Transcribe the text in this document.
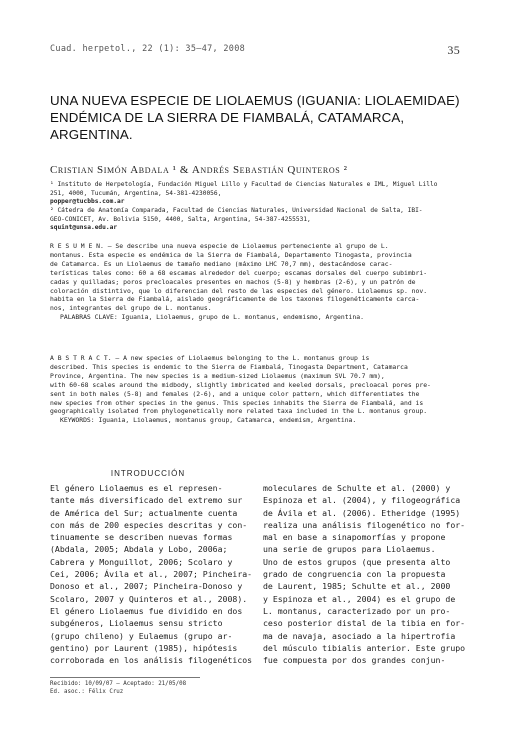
Cuad. herpetol., 22 (1): 35–47, 2008	35
UNA NUEVA ESPECIE DE LIOLAEMUS (IGUANIA: LIOLAEMIDAE)
ENDÉMICA DE LA SIERRA DE FIAMBALÁ, CATAMARCA,
ARGENTINA.
Cristian Simón Abdala ¹ & Andrés Sebastián Quinteros ²
¹ Instituto de Herpetología, Fundación Miguel Lillo y Facultad de Ciencias Naturales e IML, Miguel Lillo
251, 4000, Tucumán, Argentina, 54-381-4230056,
popper@tucbbs.com.ar
² Cátedra de Anatomía Comparada, Facultad de Ciencias Naturales, Universidad Nacional de Salta, IBI-
GEO-CONICET, Av. Bolivia 5150, 4400, Salta, Argentina, 54-387-4255531,
squint@unsa.edu.ar
R E S U M E N. — Se describe una nueva especie de Liolaemus perteneciente al grupo de L.
montanus. Esta especie es endémica de la Sierra de Fiambalá, Departamento Tinogasta, provincia
de Catamarca. Es un Liolaemus de tamaño mediano (máximo LHC 70,7 mm), destacándose carac-
terísticas tales como: 60 a 68 escamas alrededor del cuerpo; escamas dorsales del cuerpo subimbri-
cadas y quilladas; poros precloacales presentes en machos (5-8) y hembras (2-6), y un patrón de
coloración distintivo, que lo diferencian del resto de las especies del género. Liolaemus sp. nov.
habita en la Sierra de Fiambalá, aislado geográficamente de los taxones filogenéticamente carca-
nos, integrantes del grupo de L. montanus.
PALABRAS CLAVE: Iguania, Liolaemus, grupo de L. montanus, endemismo, Argentina.
A B S T R A C T. — A new species of Liolaemus belonging to the L. montanus group is
described. This species is endemic to the Sierra de Fiambalá, Tinogasta Department, Catamarca
Province, Argentina. The new species is a medium-sized Liolaemus (maximum SVL 70.7 mm),
with 60-68 scales around the midbody, slightly imbricated and keeled dorsals, precloacal pores pre-
sent in both males (5-8) and females (2-6), and a unique color pattern, which differentiates the
new species from other species in the genus. This species inhabits the Sierra de Fiambalá, and is
geographically isolated from phylogenetically more related taxa included in the L. montanus group.
KEYWORDS: Iguania, Liolaemus, montanus group, Catamarca, endemism, Argentina.
INTRODUCCIÓN
El género Liolaemus es el represen-
tante más diversificado del extremo sur
de América del Sur; actualmente cuenta
con más de 200 especies descritas y con-
tinuamente se describen nuevas formas
(Abdala, 2005; Abdala y Lobo, 2006a;
Cabrera y Monguillot, 2006; Scolaro y
Cei, 2006; Ávila et al., 2007; Pincheira-
Donoso et al., 2007; Pincheira-Donoso y
Scolaro, 2007 y Quinteros et al., 2008).
El género Liolaemus fue dividido en dos
subgéneros, Liolaemus sensu stricto
(grupo chileno) y Eulaemus (grupo ar-
gentino) por Laurent (1985), hipótesis
corroborada en los análisis filogenéticos
moleculares de Schulte et al. (2000) y
Espinoza et al. (2004), y filogeográfica
de Ávila et al. (2006). Etheridge (1995)
realiza una análisis filogenético no for-
mal en base a sinapomorfías y propone
una serie de grupos para Liolaemus.
Uno de estos grupos (que presenta alto
grado de congruencia con la propuesta
de Laurent, 1985; Schulte et al., 2000
y Espinoza et al., 2004) es el grupo de
L. montanus, caracterizado por un pro-
ceso posterior distal de la tibia en for-
ma de navaja, asociado a la hipertrofia
del músculo tibialis anterior. Este grupo
fue compuesta por dos grandes conjun-
Recibido: 10/09/07 — Aceptado: 21/05/08
Ed. asoc.: Félix Cruz
